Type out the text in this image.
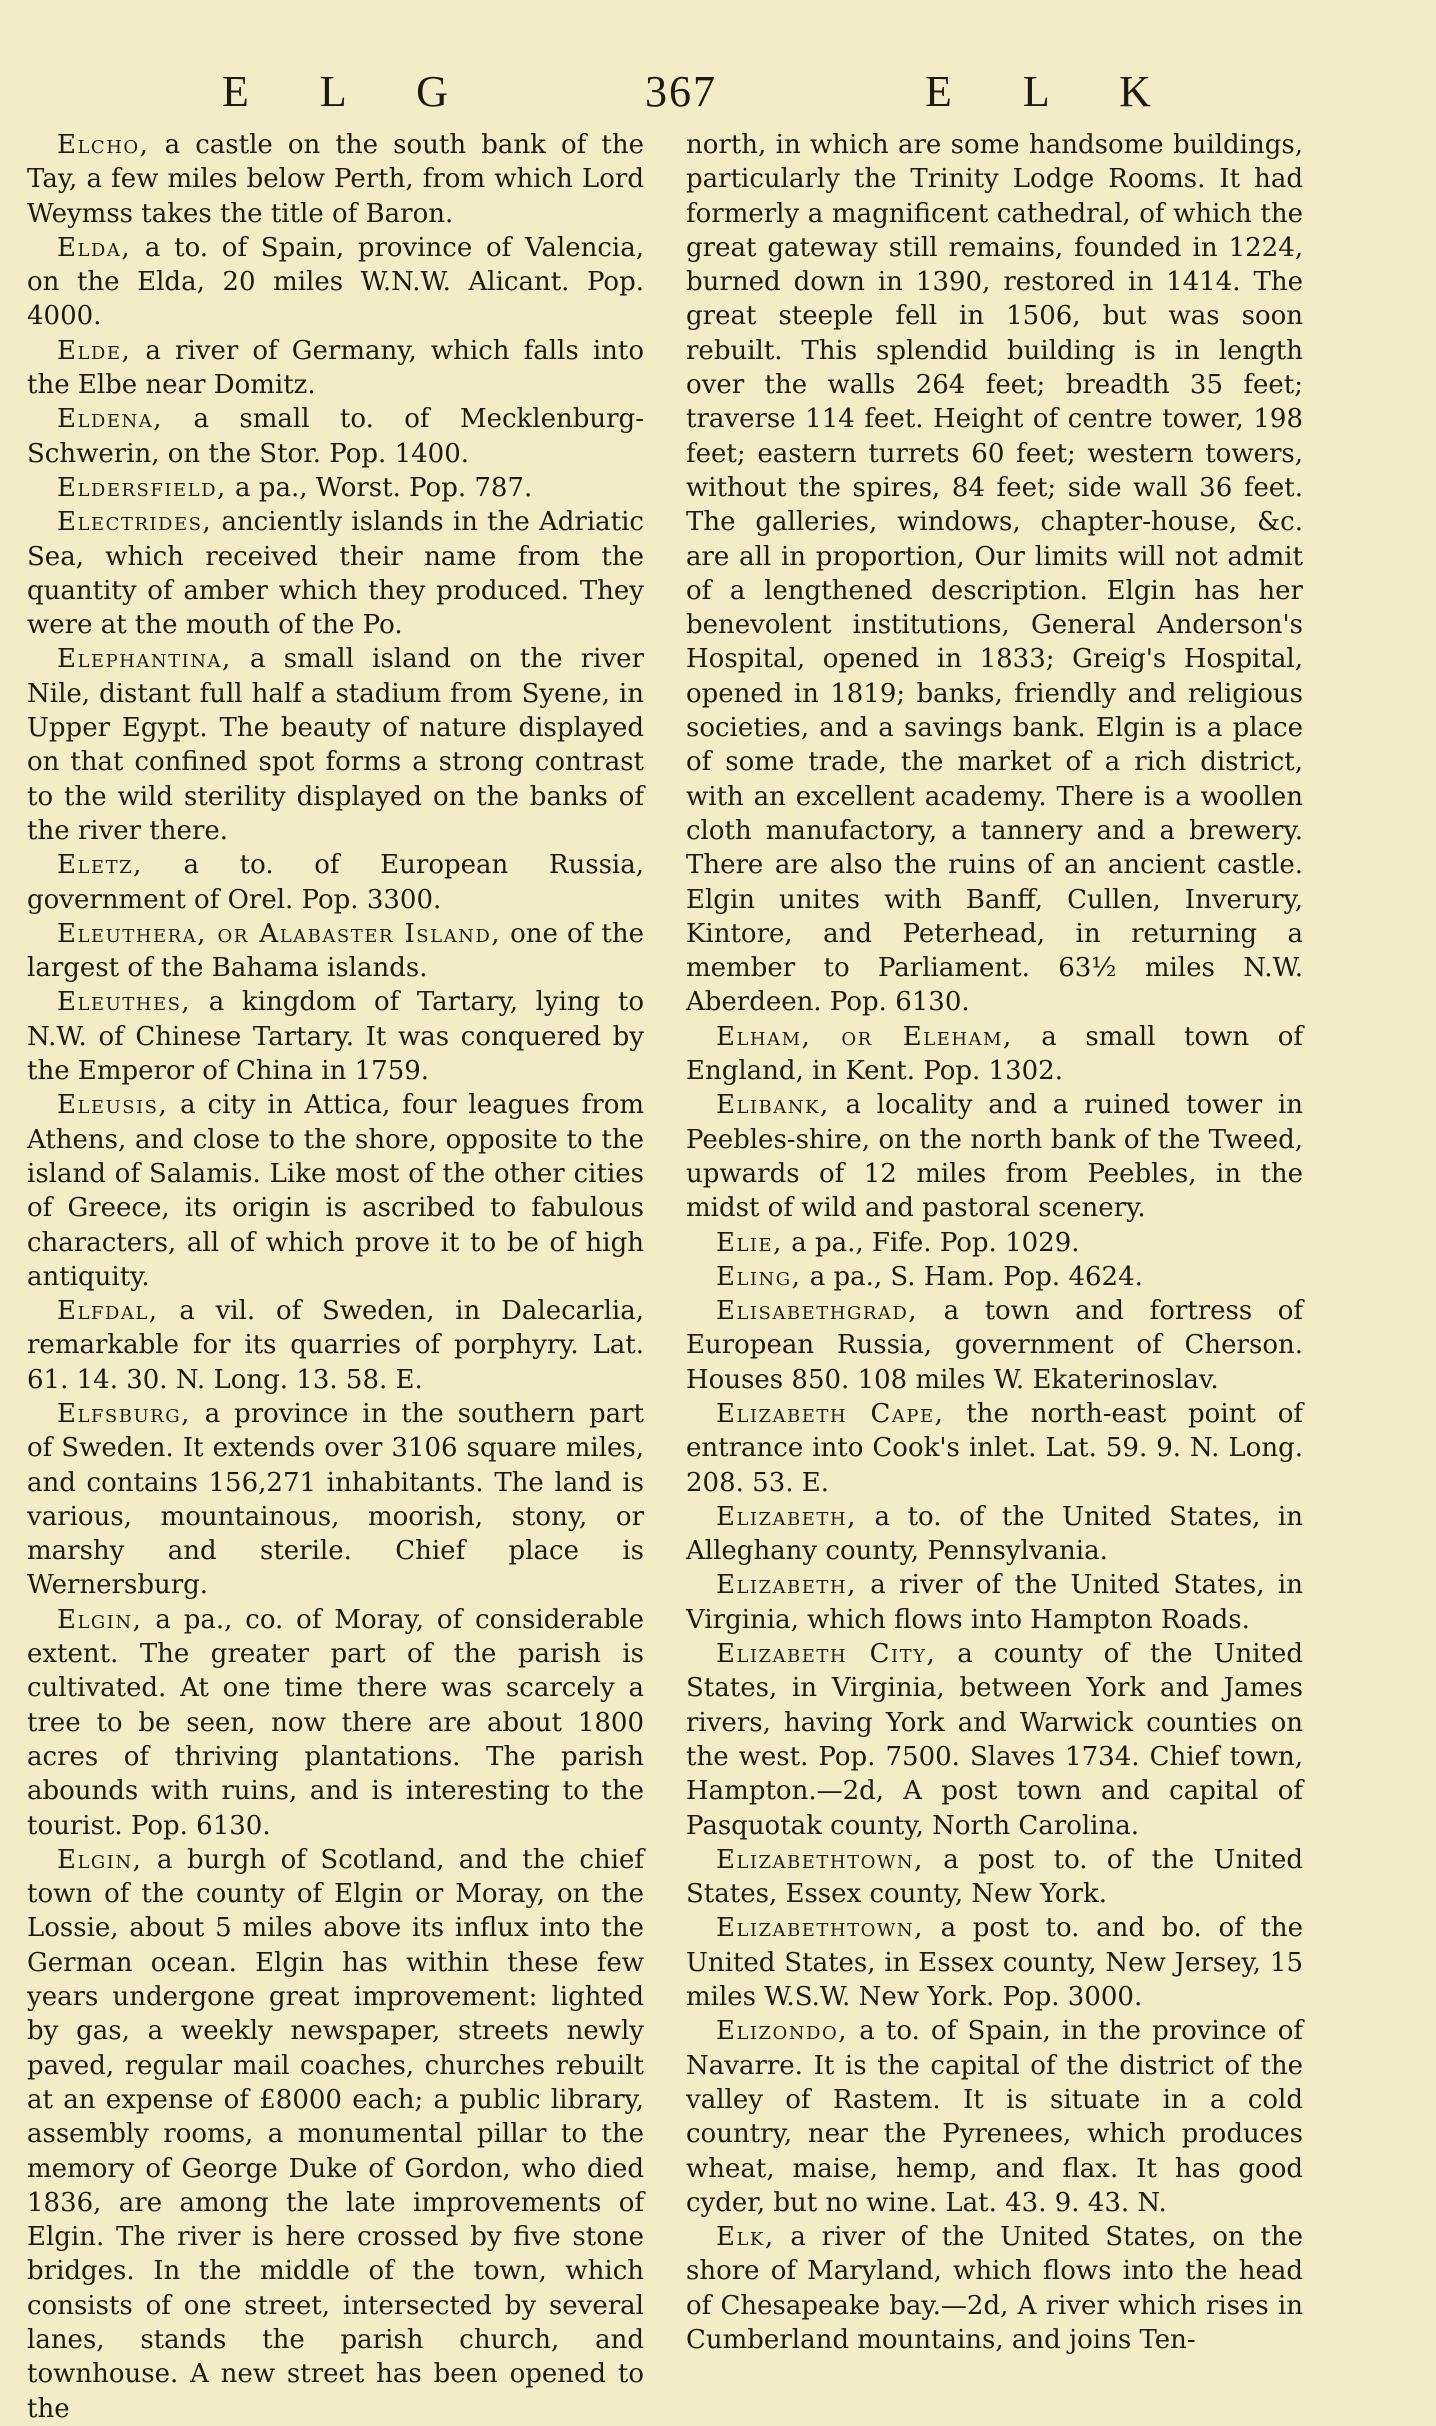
E L G	367	E L K

Elcho, a castle on the south bank of the Tay, a few miles below Perth, from which Lord Weymss takes the title of Baron.

Elda, a to. of Spain, province of Valencia, on the Elda, 20 miles W.N.W. Alicant. Pop. 4000.

Elde, a river of Germany, which falls into the Elbe near Domitz.

Eldena, a small to. of Mecklenburg-Schwerin, on the Stor. Pop. 1400.

Eldersfield, a pa., Worst. Pop. 787.

Electrides, anciently islands in the Adriatic Sea, which received their name from the quantity of amber which they produced. They were at the mouth of the Po.

Elephantina, a small island on the river Nile, distant full half a stadium from Syene, in Upper Egypt. The beauty of nature displayed on that confined spot forms a strong contrast to the wild sterility displayed on the banks of the river there.

Eletz, a to. of European Russia, government of Orel. Pop. 3300.

Eleuthera, or Alabaster Island, one of the largest of the Bahama islands.

Eleuthes, a kingdom of Tartary, lying to N.W. of Chinese Tartary. It was conquered by the Emperor of China in 1759.

Eleusis, a city in Attica, four leagues from Athens, and close to the shore, opposite to the island of Salamis. Like most of the other cities of Greece, its origin is ascribed to fabulous characters, all of which prove it to be of high antiquity.

Elfdal, a vil. of Sweden, in Dalecarlia, remarkable for its quarries of porphyry. Lat. 61. 14. 30. N. Long. 13. 58. E.

Elfsburg, a province in the southern part of Sweden. It extends over 3106 square miles, and contains 156,271 inhabitants. The land is various, mountainous, moorish, stony, or marshy and sterile. Chief place is Wernersburg.

Elgin, a pa., co. of Moray, of considerable extent. The greater part of the parish is cultivated. At one time there was scarcely a tree to be seen, now there are about 1800 acres of thriving plantations. The parish abounds with ruins, and is interesting to the tourist. Pop. 6130.

Elgin, a burgh of Scotland, and the chief town of the county of Elgin or Moray, on the Lossie, about 5 miles above its influx into the German ocean. Elgin has within these few years undergone great improvement: lighted by gas, a weekly newspaper, streets newly paved, regular mail coaches, churches rebuilt at an expense of £8000 each; a public library, assembly rooms, a monumental pillar to the memory of George Duke of Gordon, who died 1836, are among the late improvements of Elgin. The river is here crossed by five stone bridges. In the middle of the town, which consists of one street, intersected by several lanes, stands the parish church, and townhouse. A new street has been opened to the

north, in which are some handsome buildings, particularly the Trinity Lodge Rooms. It had formerly a magnificent cathedral, of which the great gateway still remains, founded in 1224, burned down in 1390, restored in 1414. The great steeple fell in 1506, but was soon rebuilt. This splendid building is in length over the walls 264 feet; breadth 35 feet; traverse 114 feet. Height of centre tower, 198 feet; eastern turrets 60 feet; western towers, without the spires, 84 feet; side wall 36 feet. The galleries, windows, chapter-house, &c. are all in proportion, Our limits will not admit of a lengthened description. Elgin has her benevolent institutions, General Anderson's Hospital, opened in 1833; Greig's Hospital, opened in 1819; banks, friendly and religious societies, and a savings bank. Elgin is a place of some trade, the market of a rich district, with an excellent academy. There is a woollen cloth manufactory, a tannery and a brewery. There are also the ruins of an ancient castle. Elgin unites with Banff, Cullen, Inverury, Kintore, and Peterhead, in returning a member to Parliament. 63½ miles N.W. Aberdeen. Pop. 6130.

Elham, or Eleham, a small town of England, in Kent. Pop. 1302.

Elibank, a locality and a ruined tower in Peebles-shire, on the north bank of the Tweed, upwards of 12 miles from Peebles, in the midst of wild and pastoral scenery.

Elie, a pa., Fife. Pop. 1029.

Eling, a pa., S. Ham. Pop. 4624.

Elisabethgrad, a town and fortress of European Russia, government of Cherson. Houses 850. 108 miles W. Ekaterinoslav.

Elizabeth Cape, the north-east point of entrance into Cook's inlet. Lat. 59. 9. N. Long. 208. 53. E.

Elizabeth, a to. of the United States, in Alleghany county, Pennsylvania.

Elizabeth, a river of the United States, in Virginia, which flows into Hampton Roads.

Elizabeth City, a county of the United States, in Virginia, between York and James rivers, having York and Warwick counties on the west. Pop. 7500. Slaves 1734. Chief town, Hampton.—2d, A post town and capital of Pasquotak county, North Carolina.

Elizabethtown, a post to. of the United States, Essex county, New York.

Elizabethtown, a post to. and bo. of the United States, in Essex county, New Jersey, 15 miles W.S.W. New York. Pop. 3000.

Elizondo, a to. of Spain, in the province of Navarre. It is the capital of the district of the valley of Rastem. It is situate in a cold country, near the Pyrenees, which produces wheat, maise, hemp, and flax. It has good cyder, but no wine. Lat. 43. 9. 43. N.

Elk, a river of the United States, on the shore of Maryland, which flows into the head of Chesapeake bay.—2d, A river which rises in Cumberland mountains, and joins Ten-
